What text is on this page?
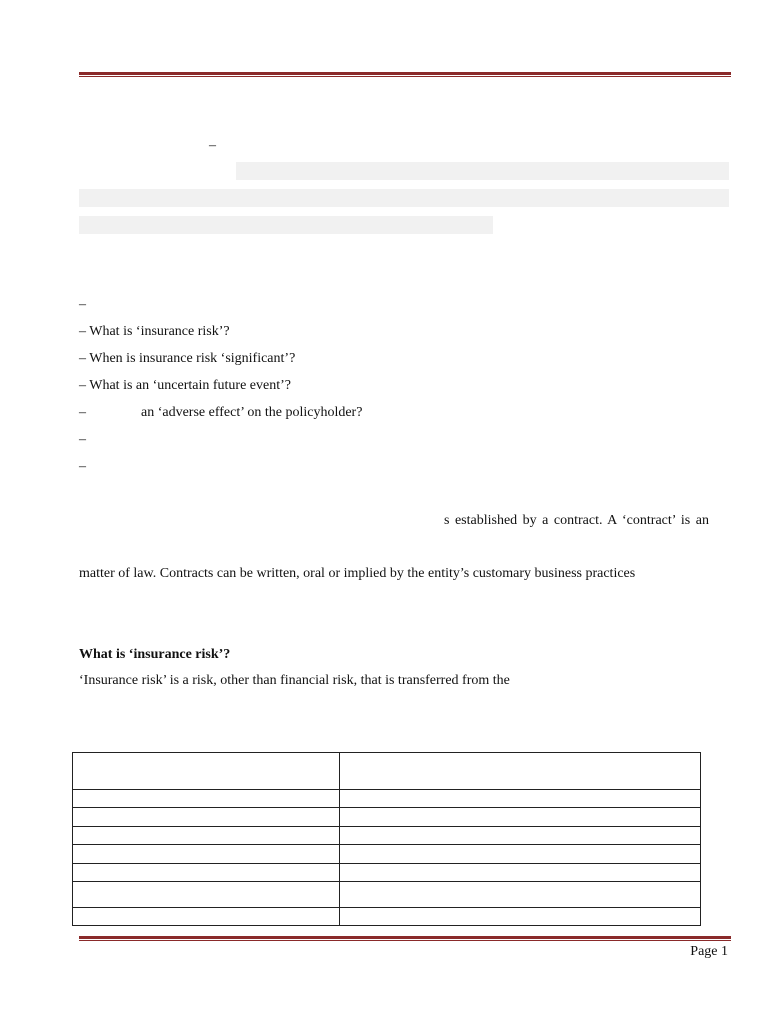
–
–
– What is ‘insurance risk’?
– When is insurance risk ‘significant’?
– What is an ‘uncertain future event’?
–	an ‘adverse effect’ on the policyholder?
–
–
s established by a contract. A ‘contract’ is an
matter of law. Contracts can be written, oral or implied by the entity’s customary business practices
What is ‘insurance risk’?
‘Insurance risk’ is a risk, other than financial risk, that is transferred from the

Page 1
